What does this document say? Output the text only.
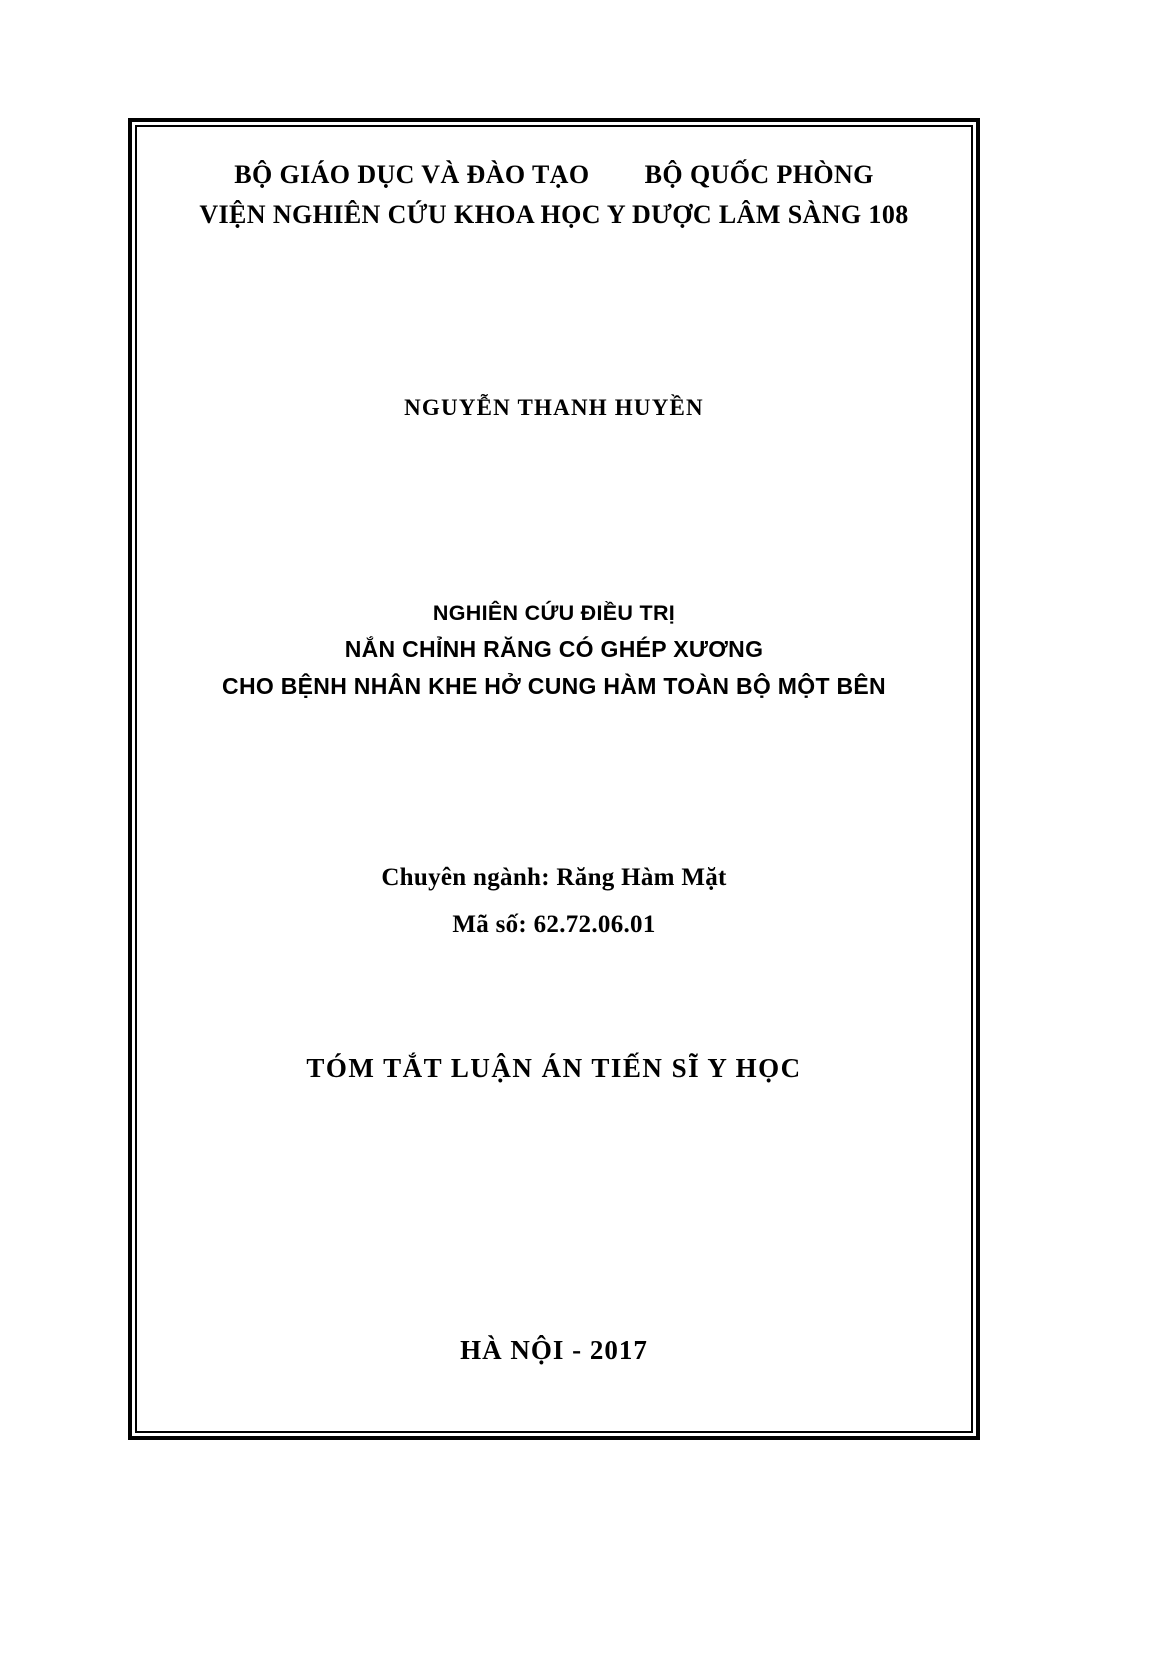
BỘ GIÁO DỤC VÀ ĐÀO TẠO        BỘ QUỐC PHÒNG
VIỆN NGHIÊN CỨU KHOA HỌC Y DƯỢC LÂM SÀNG 108
NGUYỄN THANH HUYỀN
NGHIÊN CỨU ĐIỀU TRỊ
NẮN CHỈNH RĂNG CÓ GHÉP XƯƠNG
CHO BỆNH NHÂN KHE HỞ CUNG HÀM TOÀN BỘ MỘT BÊN
Chuyên ngành: Răng Hàm Mặt
Mã số: 62.72.06.01
TÓM TẮT LUẬN ÁN TIẾN SĨ Y HỌC
HÀ NỘI - 2017
